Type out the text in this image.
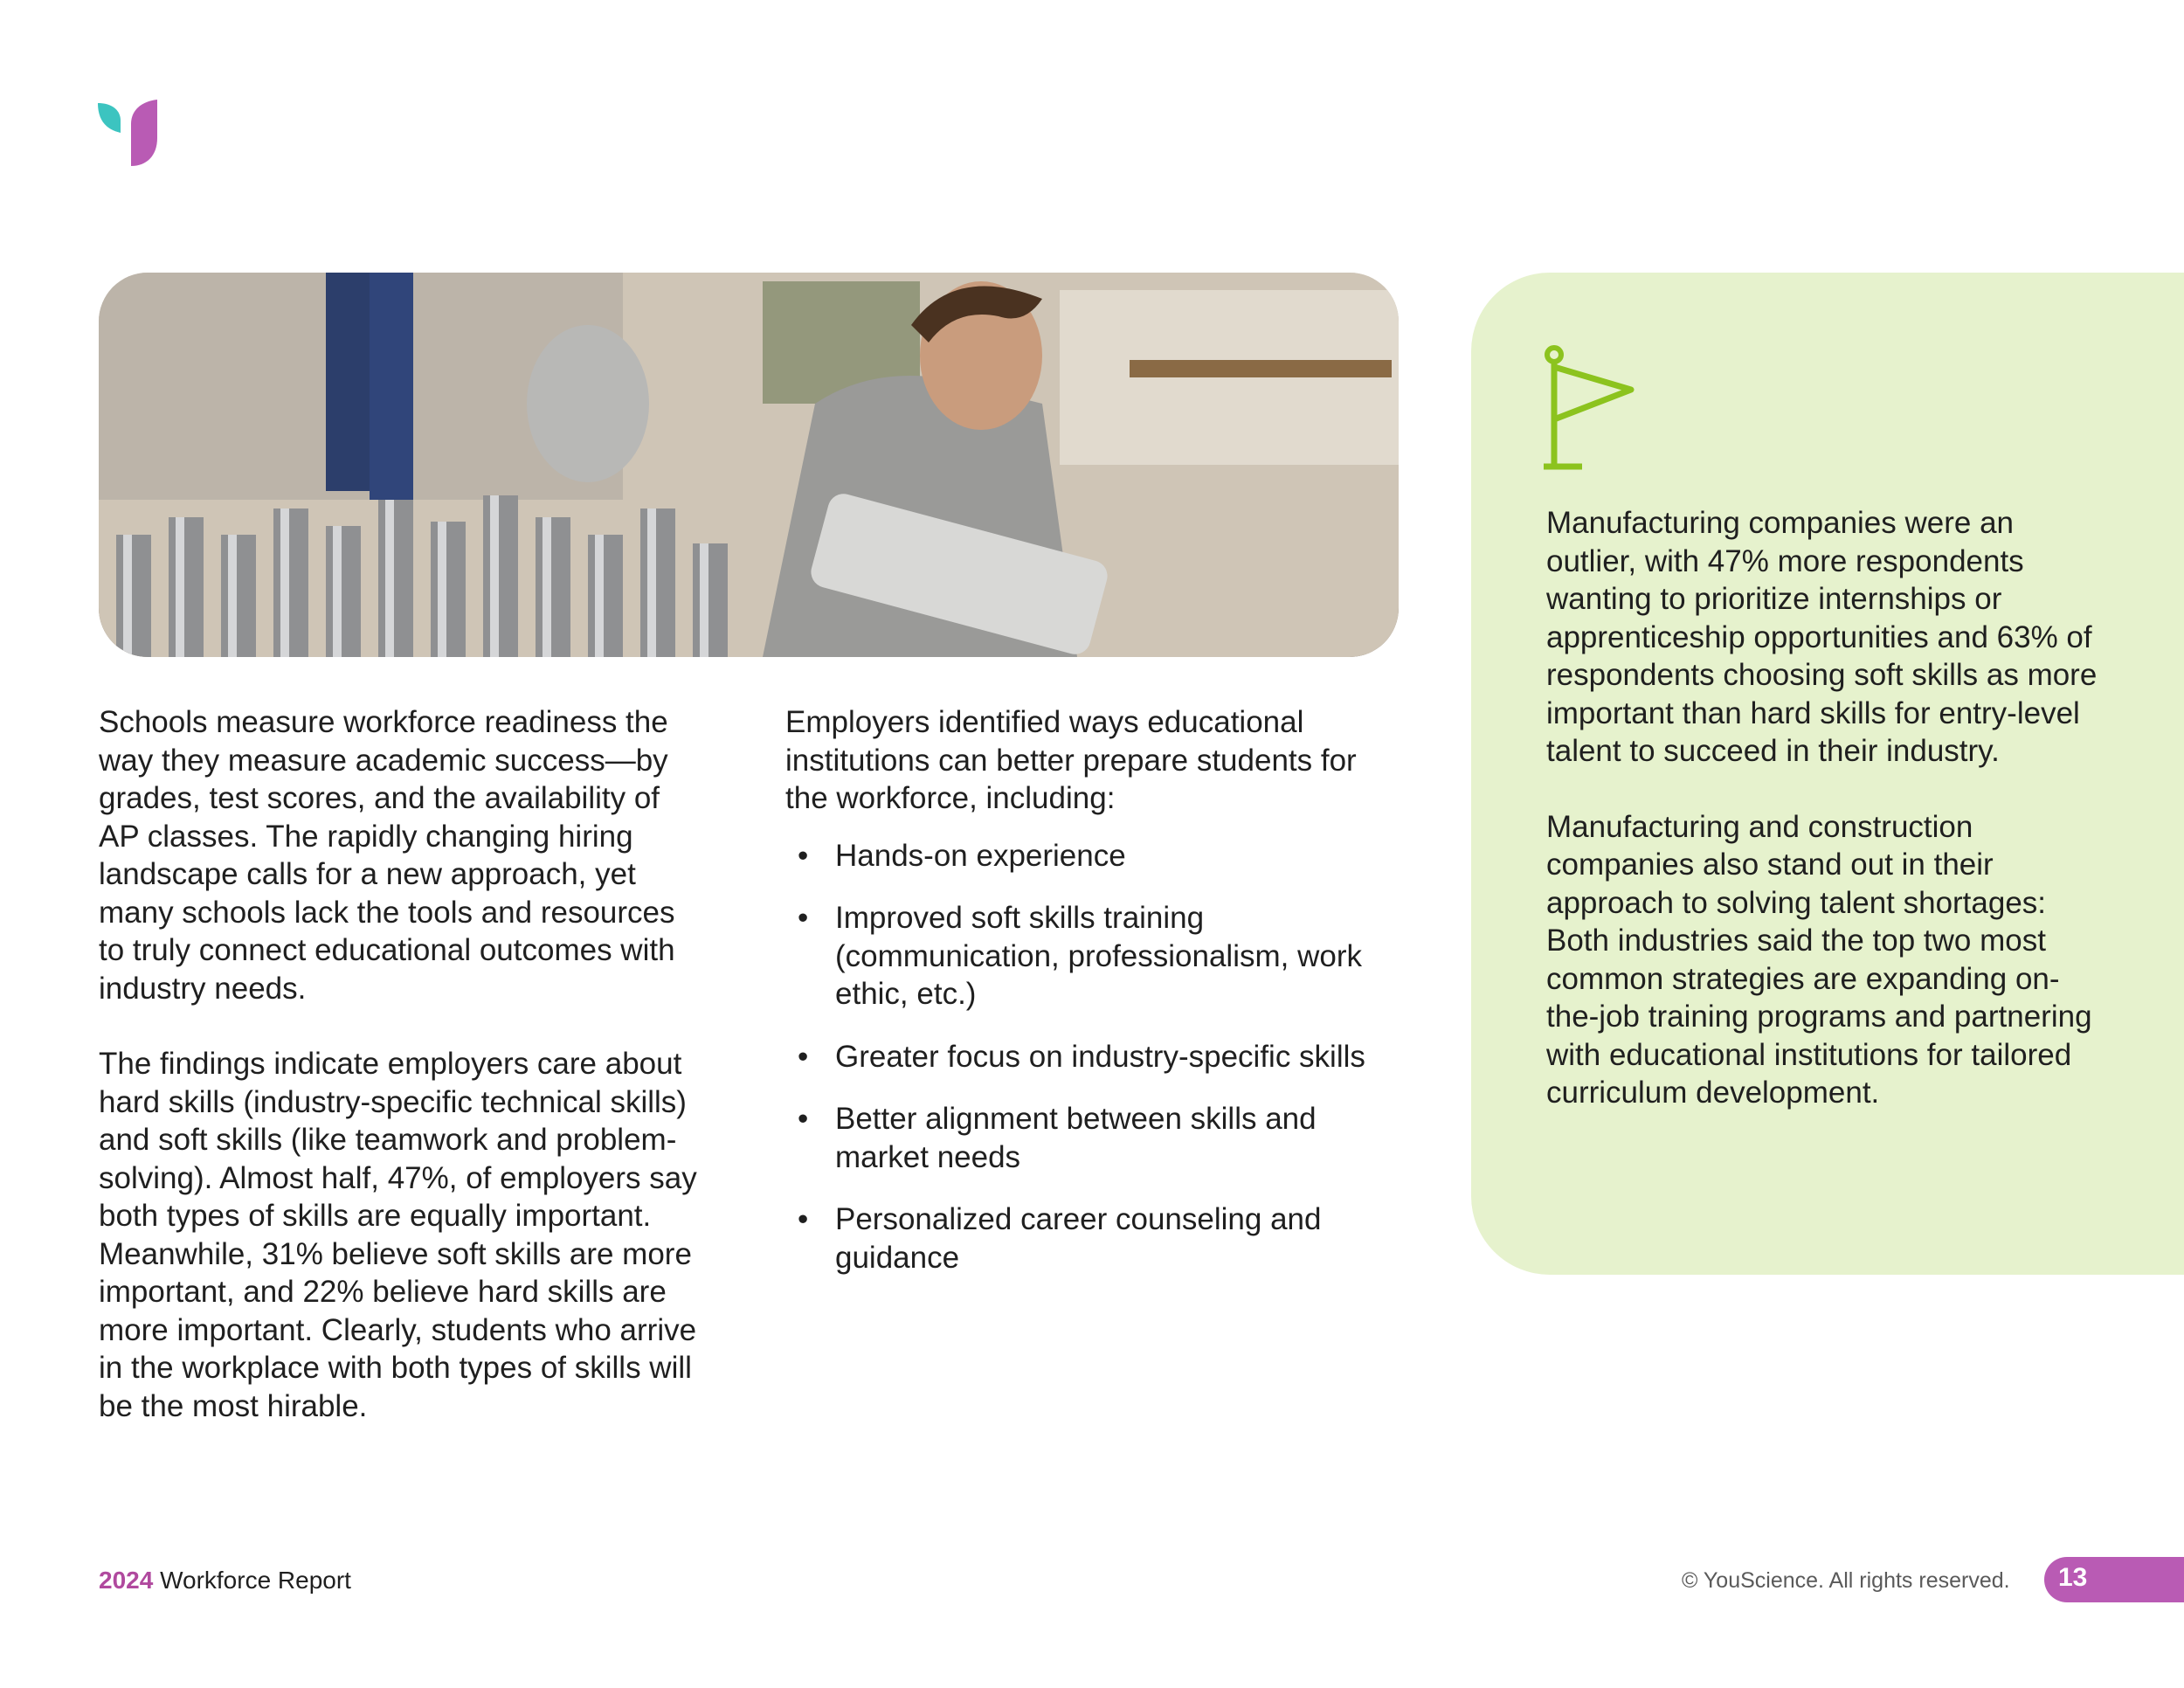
Schools measure workforce readiness the way they measure academic success—by grades, test scores, and the availability of AP classes. The rapidly changing hiring landscape calls for a new approach, yet many schools lack the tools and resources to truly connect educational outcomes with industry needs.

The findings indicate employers care about hard skills (industry-specific technical skills) and soft skills (like teamwork and problem-solving). Almost half, 47%, of employers say both types of skills are equally important. Meanwhile, 31% believe soft skills are more important, and 22% believe hard skills are more important. Clearly, students who arrive in the workplace with both types of skills will be the most hirable.

Employers identified ways educational institutions can better prepare students for the workforce, including:

• Hands-on experience
• Improved soft skills training (communication, professionalism, work ethic, etc.)
• Greater focus on industry-specific skills
• Better alignment between skills and market needs
• Personalized career counseling and guidance

Manufacturing companies were an outlier, with 47% more respondents wanting to prioritize internships or apprenticeship opportunities and 63% of respondents choosing soft skills as more important than hard skills for entry-level talent to succeed in their industry.

Manufacturing and construction companies also stand out in their approach to solving talent shortages: Both industries said the top two most common strategies are expanding on-the-job training programs and partnering with educational institutions for tailored curriculum development.

2024 Workforce Report	© YouScience. All rights reserved. 13
